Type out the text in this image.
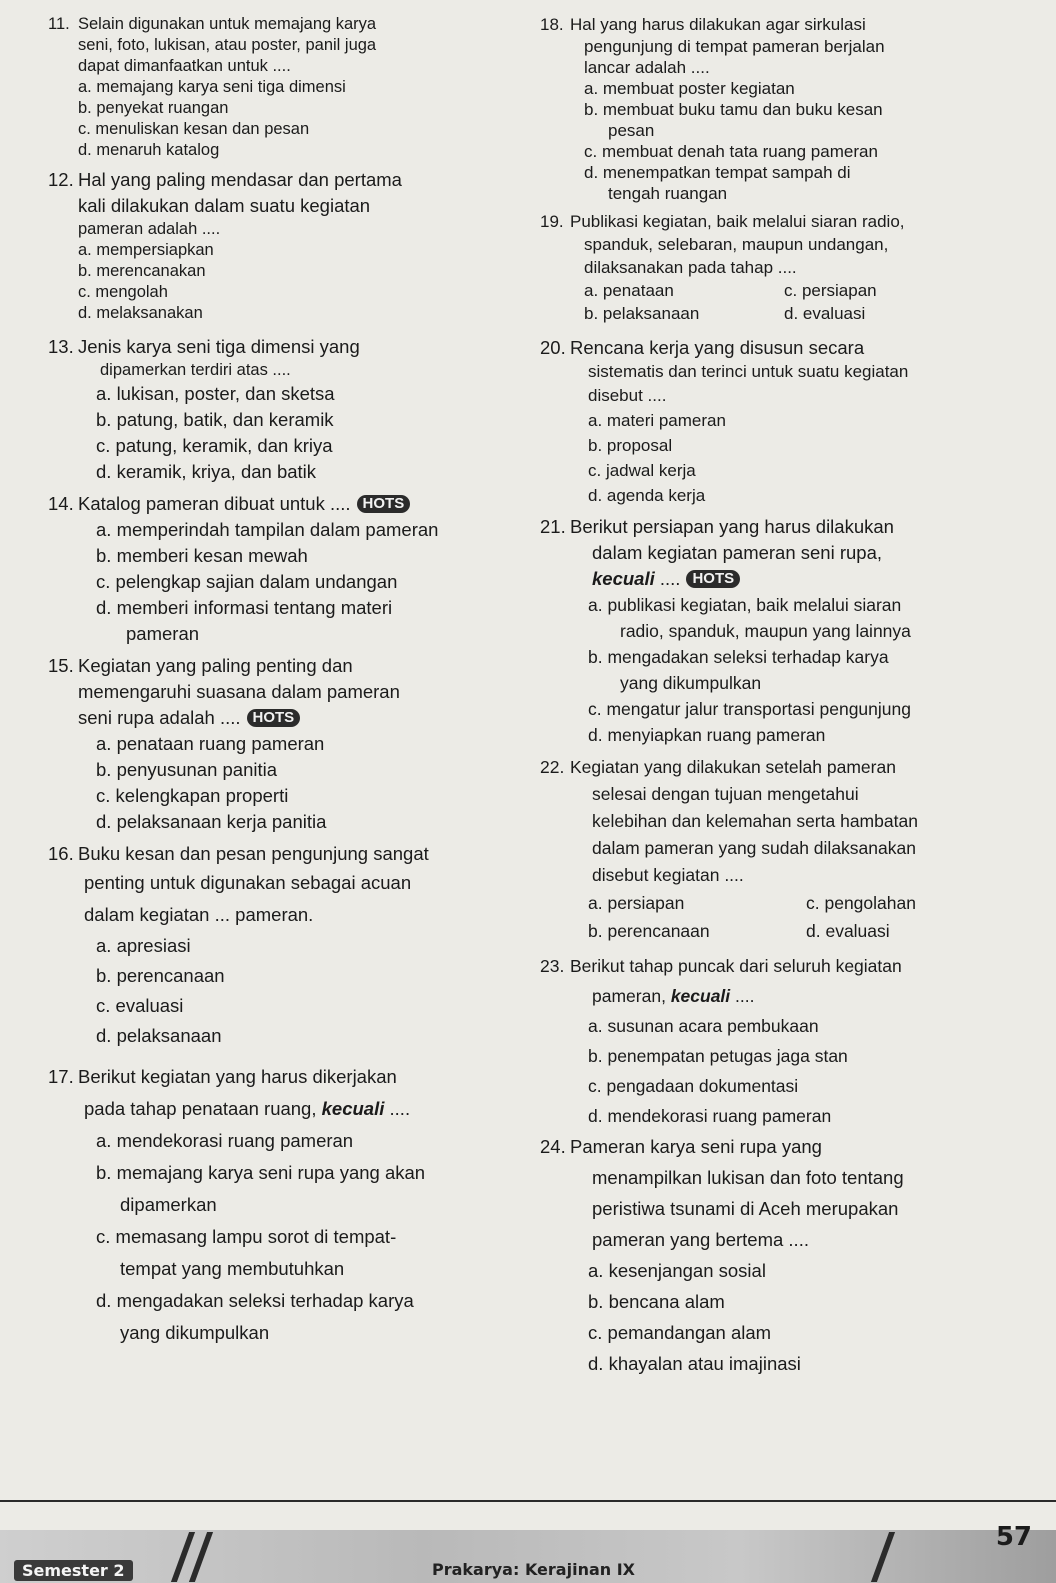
11. Selain digunakan untuk memajang karya
seni, foto, lukisan, atau poster, panil juga
dapat dimanfaatkan untuk ....
a. memajang karya seni tiga dimensi
b. penyekat ruangan
c. menuliskan kesan dan pesan
d. menaruh katalog
12. Hal yang paling mendasar dan pertama
kali dilakukan dalam suatu kegiatan
pameran adalah ....
a. mempersiapkan
b. merencanakan
c. mengolah
d. melaksanakan
13. Jenis karya seni tiga dimensi yang
dipamerkan terdiri atas ....
a. lukisan, poster, dan sketsa
b. patung, batik, dan keramik
c. patung, keramik, dan kriya
d. keramik, kriya, dan batik
14. Katalog pameran dibuat untuk .... HOTS
a. memperindah tampilan dalam pameran
b. memberi kesan mewah
c. pelengkap sajian dalam undangan
d. memberi informasi tentang materi
pameran
15. Kegiatan yang paling penting dan
memengaruhi suasana dalam pameran
seni rupa adalah .... HOTS
a. penataan ruang pameran
b. penyusunan panitia
c. kelengkapan properti
d. pelaksanaan kerja panitia
16. Buku kesan dan pesan pengunjung sangat
penting untuk digunakan sebagai acuan
dalam kegiatan ... pameran.
a. apresiasi
b. perencanaan
c. evaluasi
d. pelaksanaan
17. Berikut kegiatan yang harus dikerjakan
pada tahap penataan ruang, kecuali ....
a. mendekorasi ruang pameran
b. memajang karya seni rupa yang akan
dipamerkan
c. memasang lampu sorot di tempat-
tempat yang membutuhkan
d. mengadakan seleksi terhadap karya
yang dikumpulkan
18. Hal yang harus dilakukan agar sirkulasi
pengunjung di tempat pameran berjalan
lancar adalah ....
a. membuat poster kegiatan
b. membuat buku tamu dan buku kesan
pesan
c. membuat denah tata ruang pameran
d. menempatkan tempat sampah di
tengah ruangan
19. Publikasi kegiatan, baik melalui siaran radio,
spanduk, selebaran, maupun undangan,
dilaksanakan pada tahap ....
a. penataan	c. persiapan
b. pelaksanaan	d. evaluasi
20. Rencana kerja yang disusun secara
sistematis dan terinci untuk suatu kegiatan
disebut ....
a. materi pameran
b. proposal
c. jadwal kerja
d. agenda kerja
21. Berikut persiapan yang harus dilakukan
dalam kegiatan pameran seni rupa,
kecuali .... HOTS
a. publikasi kegiatan, baik melalui siaran
radio, spanduk, maupun yang lainnya
b. mengadakan seleksi terhadap karya
yang dikumpulkan
c. mengatur jalur transportasi pengunjung
d. menyiapkan ruang pameran
22. Kegiatan yang dilakukan setelah pameran
selesai dengan tujuan mengetahui
kelebihan dan kelemahan serta hambatan
dalam pameran yang sudah dilaksanakan
disebut kegiatan ....
a. persiapan	c. pengolahan
b. perencanaan	d. evaluasi
23. Berikut tahap puncak dari seluruh kegiatan
pameran, kecuali ....
a. susunan acara pembukaan
b. penempatan petugas jaga stan
c. pengadaan dokumentasi
d. mendekorasi ruang pameran
24. Pameran karya seni rupa yang
menampilkan lukisan dan foto tentang
peristiwa tsunami di Aceh merupakan
pameran yang bertema ....
a. kesenjangan sosial
b. bencana alam
c. pemandangan alam
d. khayalan atau imajinasi
Semester 2	Prakarya: Kerajinan IX
57
